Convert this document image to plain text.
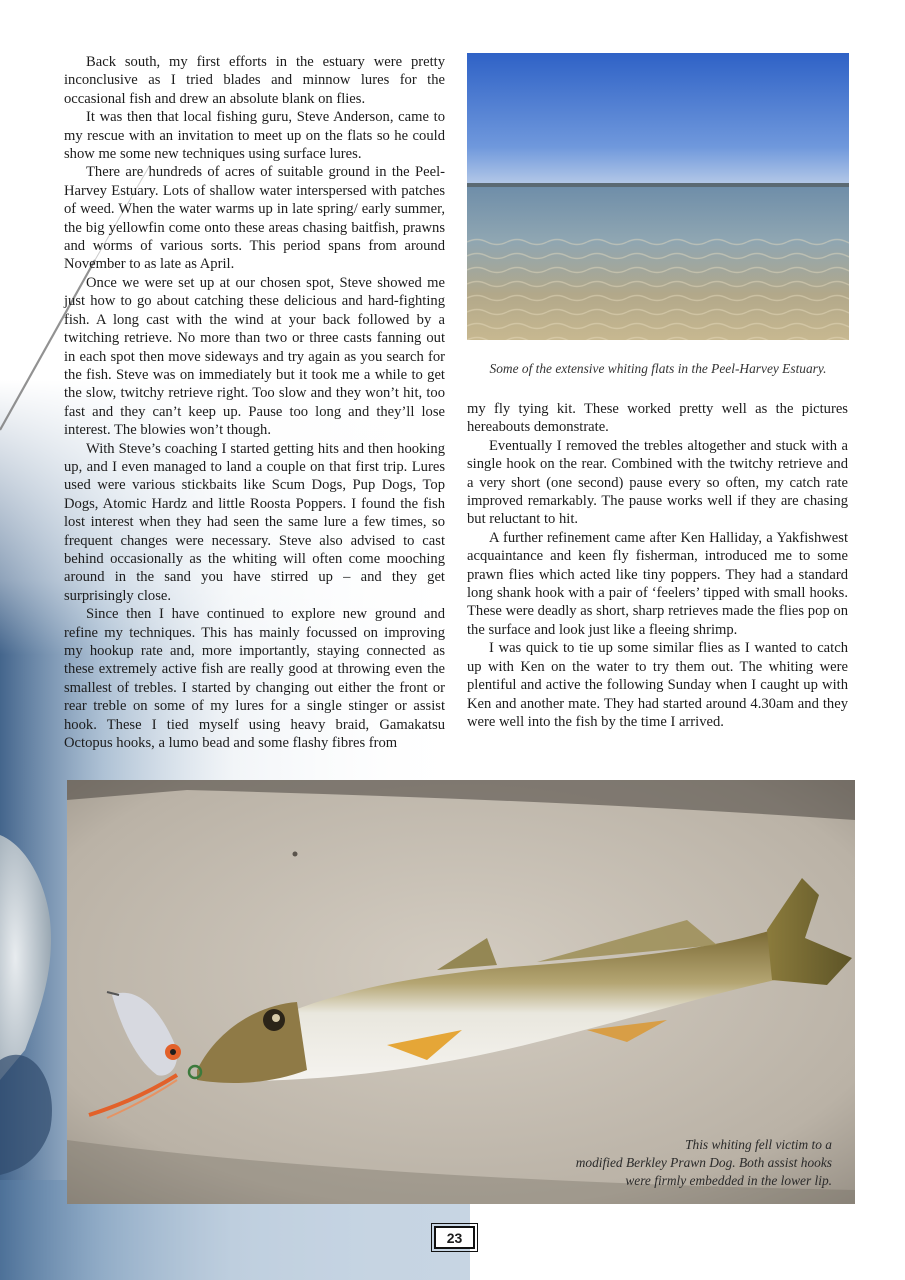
Back south, my first efforts in the estuary were pretty inconclusive as I tried blades and minnow lures for the occasional fish and drew an absolute blank on flies.

It was then that local fishing guru, Steve Anderson, came to my rescue with an invitation to meet up on the flats so he could show me some new techniques using surface lures.

There are hundreds of acres of suitable ground in the Peel-Harvey Estuary. Lots of shallow water interspersed with patches of weed. When the water warms up in late spring/ early summer, the big yellowfin come onto these areas chasing baitfish, prawns and worms of various sorts. This period spans from around November to as late as April.

Once we were set up at our chosen spot, Steve showed me just how to go about catching these delicious and hard-fighting fish. A long cast with the wind at your back followed by a twitching retrieve. No more than two or three casts fanning out in each spot then move sideways and try again as you search for the fish. Steve was on immediately but it took me a while to get the slow, twitchy retrieve right. Too slow and they won’t hit, too fast and they can’t keep up. Pause too long and they’ll lose interest. The blowies won’t though.

With Steve’s coaching I started getting hits and then hooking up, and I even managed to land a couple on that first trip. Lures used were various stickbaits like Scum Dogs, Pup Dogs, Top Dogs, Atomic Hardz and little Roosta Poppers. I found the fish lost interest when they had seen the same lure a few times, so frequent changes were necessary. Steve also advised to cast behind occasionally as the whiting will often come mooching around in the sand you have stirred up – and they get surprisingly close.

Since then I have continued to explore new ground and refine my techniques. This has mainly focussed on improving my hookup rate and, more importantly, staying connected as these extremely active fish are really good at throwing even the smallest of trebles. I started by changing out either the front or rear treble on some of my lures for a single stinger or assist hook. These I tied myself using heavy braid, Gamakatsu Octopus hooks, a lumo bead and some flashy fibres from

Some of the extensive whiting flats in the Peel-Harvey Estuary.

my fly tying kit. These worked pretty well as the pictures hereabouts demonstrate.

Eventually I removed the trebles altogether and stuck with a single hook on the rear. Combined with the twitchy retrieve and a very short (one second) pause every so often, my catch rate improved remarkably. The pause works well if they are chasing but reluctant to hit.

A further refinement came after Ken Halliday, a Yakfishwest acquaintance and keen fly fisherman, introduced me to some prawn flies which acted like tiny poppers. They had a standard long shank hook with a pair of ‘feelers’ tipped with small hooks. These were deadly as short, sharp retrieves made the flies pop on the surface and look just like a fleeing shrimp.

I was quick to tie up some similar flies as I wanted to catch up with Ken on the water to try them out. The whiting were plentiful and active the following Sunday when I caught up with Ken and another mate. They had started around 4.30am and they were well into the fish by the time I arrived.

This whiting fell victim to a
modified Berkley Prawn Dog. Both assist hooks
were firmly embedded in the lower lip.
23
